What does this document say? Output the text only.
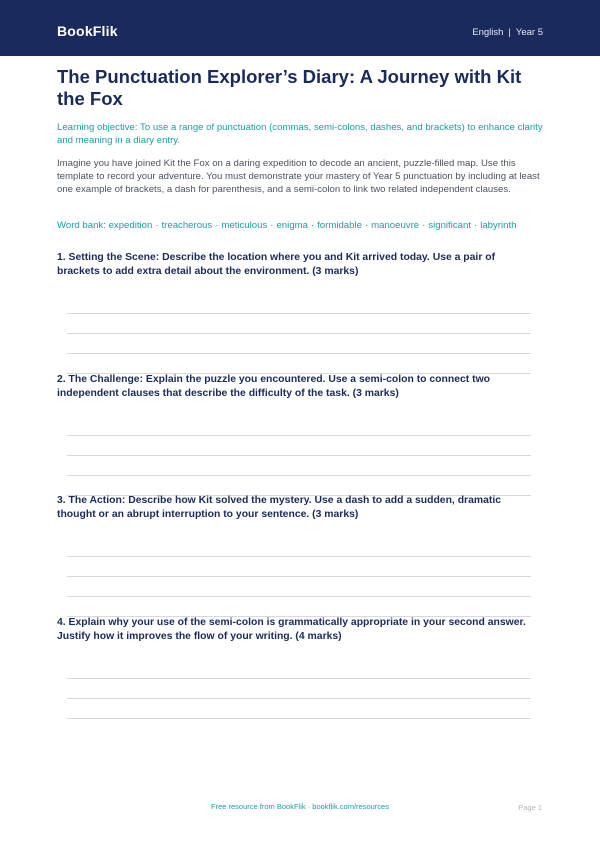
BookFlik	English | Year 5
The Punctuation Explorer’s Diary: A Journey with Kit the Fox

Learning objective: To use a range of punctuation (commas, semi-colons, dashes, and brackets) to enhance clarity and meaning in a diary entry.

Imagine you have joined Kit the Fox on a daring expedition to decode an ancient, puzzle-filled map. Use this template to record your adventure. You must demonstrate your mastery of Year 5 punctuation by including at least one example of brackets, a dash for parenthesis, and a semi-colon to link two related independent clauses.

Word bank: expedition · treacherous · meticulous · enigma · formidable · manoeuvre · significant · labyrinth

1. Setting the Scene: Describe the location where you and Kit arrived today. Use a pair of brackets to add extra detail about the environment. (3 marks)
2. The Challenge: Explain the puzzle you encountered. Use a semi-colon to connect two independent clauses that describe the difficulty of the task. (3 marks)
3. The Action: Describe how Kit solved the mystery. Use a dash to add a sudden, dramatic thought or an abrupt interruption to your sentence. (3 marks)
4. Explain why your use of the semi-colon is grammatically appropriate in your second answer. Justify how it improves the flow of your writing. (4 marks)
Free resource from BookFlik · bookflik.com/resources	Page 1
